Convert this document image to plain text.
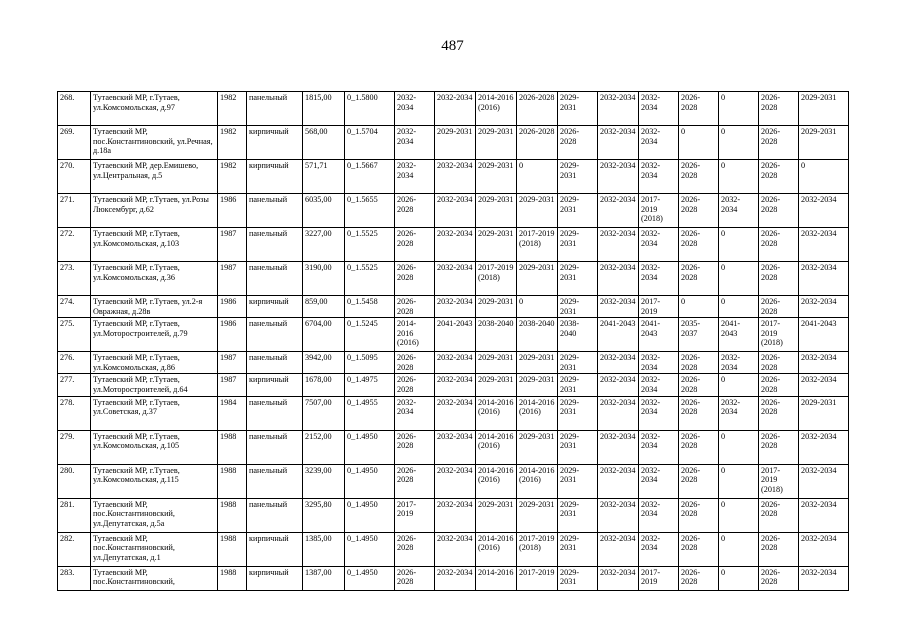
487
268.	Тутаевский МР, г.Тутаев, ул.Комсомольская, д.97	1982	панельный	1815,00	0_1.5800	2032-2034	2032-2034	2014-2016 (2016)	2026-2028	2029-2031	2032-2034	2032-2034	2026-2028	0	2026-2028	2029-2031
269.	Тутаевский МР, пос.Константиновский, ул.Речная, д.18а	1982	кирпичный	568,00	0_1.5704	2032-2034	2029-2031	2029-2031	2026-2028	2026-2028	2032-2034	2032-2034	0	0	2026-2028	2029-2031
270.	Тутаевский МР, дер.Емишево, ул.Центральная, д.5	1982	кирпичный	571,71	0_1.5667	2032-2034	2032-2034	2029-2031	0	2029-2031	2032-2034	2032-2034	2026-2028	0	2026-2028	0
271.	Тутаевский МР, г.Тутаев, ул.Розы Люксембург, д.62	1986	панельный	6035,00	0_1.5655	2026-2028	2032-2034	2029-2031	2029-2031	2029-2031	2032-2034	2017-2019 (2018)	2026-2028	2032-2034	2026-2028	2032-2034
272.	Тутаевский МР, г.Тутаев, ул.Комсомольская, д.103	1987	панельный	3227,00	0_1.5525	2026-2028	2032-2034	2029-2031	2017-2019 (2018)	2029-2031	2032-2034	2032-2034	2026-2028	0	2026-2028	2032-2034
273.	Тутаевский МР, г.Тутаев, ул.Комсомольская, д.36	1987	панельный	3190,00	0_1.5525	2026-2028	2032-2034	2017-2019 (2018)	2029-2031	2029-2031	2032-2034	2032-2034	2026-2028	0	2026-2028	2032-2034
274.	Тутаевский МР, г.Тутаев, ул.2-я Овражная, д.28в	1986	кирпичный	859,00	0_1.5458	2026-2028	2032-2034	2029-2031	0	2029-2031	2032-2034	2017-2019	0	0	2026-2028	2032-2034
275.	Тутаевский МР, г.Тутаев, ул.Моторостроителей, д.79	1986	панельный	6704,00	0_1.5245	2014-2016 (2016)	2041-2043	2038-2040	2038-2040	2038-2040	2041-2043	2041-2043	2035-2037	2041-2043	2017-2019 (2018)	2041-2043
276.	Тутаевский МР, г.Тутаев, ул.Комсомольская, д.86	1987	панельный	3942,00	0_1.5095	2026-2028	2032-2034	2029-2031	2029-2031	2029-2031	2032-2034	2032-2034	2026-2028	2032-2034	2026-2028	2032-2034
277.	Тутаевский МР, г.Тутаев, ул.Моторостроителей, д.64	1987	кирпичный	1678,00	0_1.4975	2026-2028	2032-2034	2029-2031	2029-2031	2029-2031	2032-2034	2032-2034	2026-2028	0	2026-2028	2032-2034
278.	Тутаевский МР, г.Тутаев, ул.Советская, д.37	1984	панельный	7507,00	0_1.4955	2032-2034	2032-2034	2014-2016 (2016)	2014-2016 (2016)	2029-2031	2032-2034	2032-2034	2026-2028	2032-2034	2026-2028	2029-2031
279.	Тутаевский МР, г.Тутаев, ул.Комсомольская, д.105	1988	панельный	2152,00	0_1.4950	2026-2028	2032-2034	2014-2016 (2016)	2029-2031	2029-2031	2032-2034	2032-2034	2026-2028	0	2026-2028	2032-2034
280.	Тутаевский МР, г.Тутаев, ул.Комсомольская, д.115	1988	панельный	3239,00	0_1.4950	2026-2028	2032-2034	2014-2016 (2016)	2014-2016 (2016)	2029-2031	2032-2034	2032-2034	2026-2028	0	2017-2019 (2018)	2032-2034
281.	Тутаевский МР, пос.Константиновский, ул.Депутатская, д.5а	1988	панельный	3295,80	0_1.4950	2017-2019	2032-2034	2029-2031	2029-2031	2029-2031	2032-2034	2032-2034	2026-2028	0	2026-2028	2032-2034
282.	Тутаевский МР, пос.Константиновский, ул.Депутатская, д.1	1988	кирпичный	1385,00	0_1.4950	2026-2028	2032-2034	2014-2016 (2016)	2017-2019 (2018)	2029-2031	2032-2034	2032-2034	2026-2028	0	2026-2028	2032-2034
283.	Тутаевский МР, пос.Константиновский,	1988	кирпичный	1387,00	0_1.4950	2026-2028	2032-2034	2014-2016	2017-2019	2029-2031	2032-2034	2017-2019	2026-2028	0	2026-2028	2032-2034
